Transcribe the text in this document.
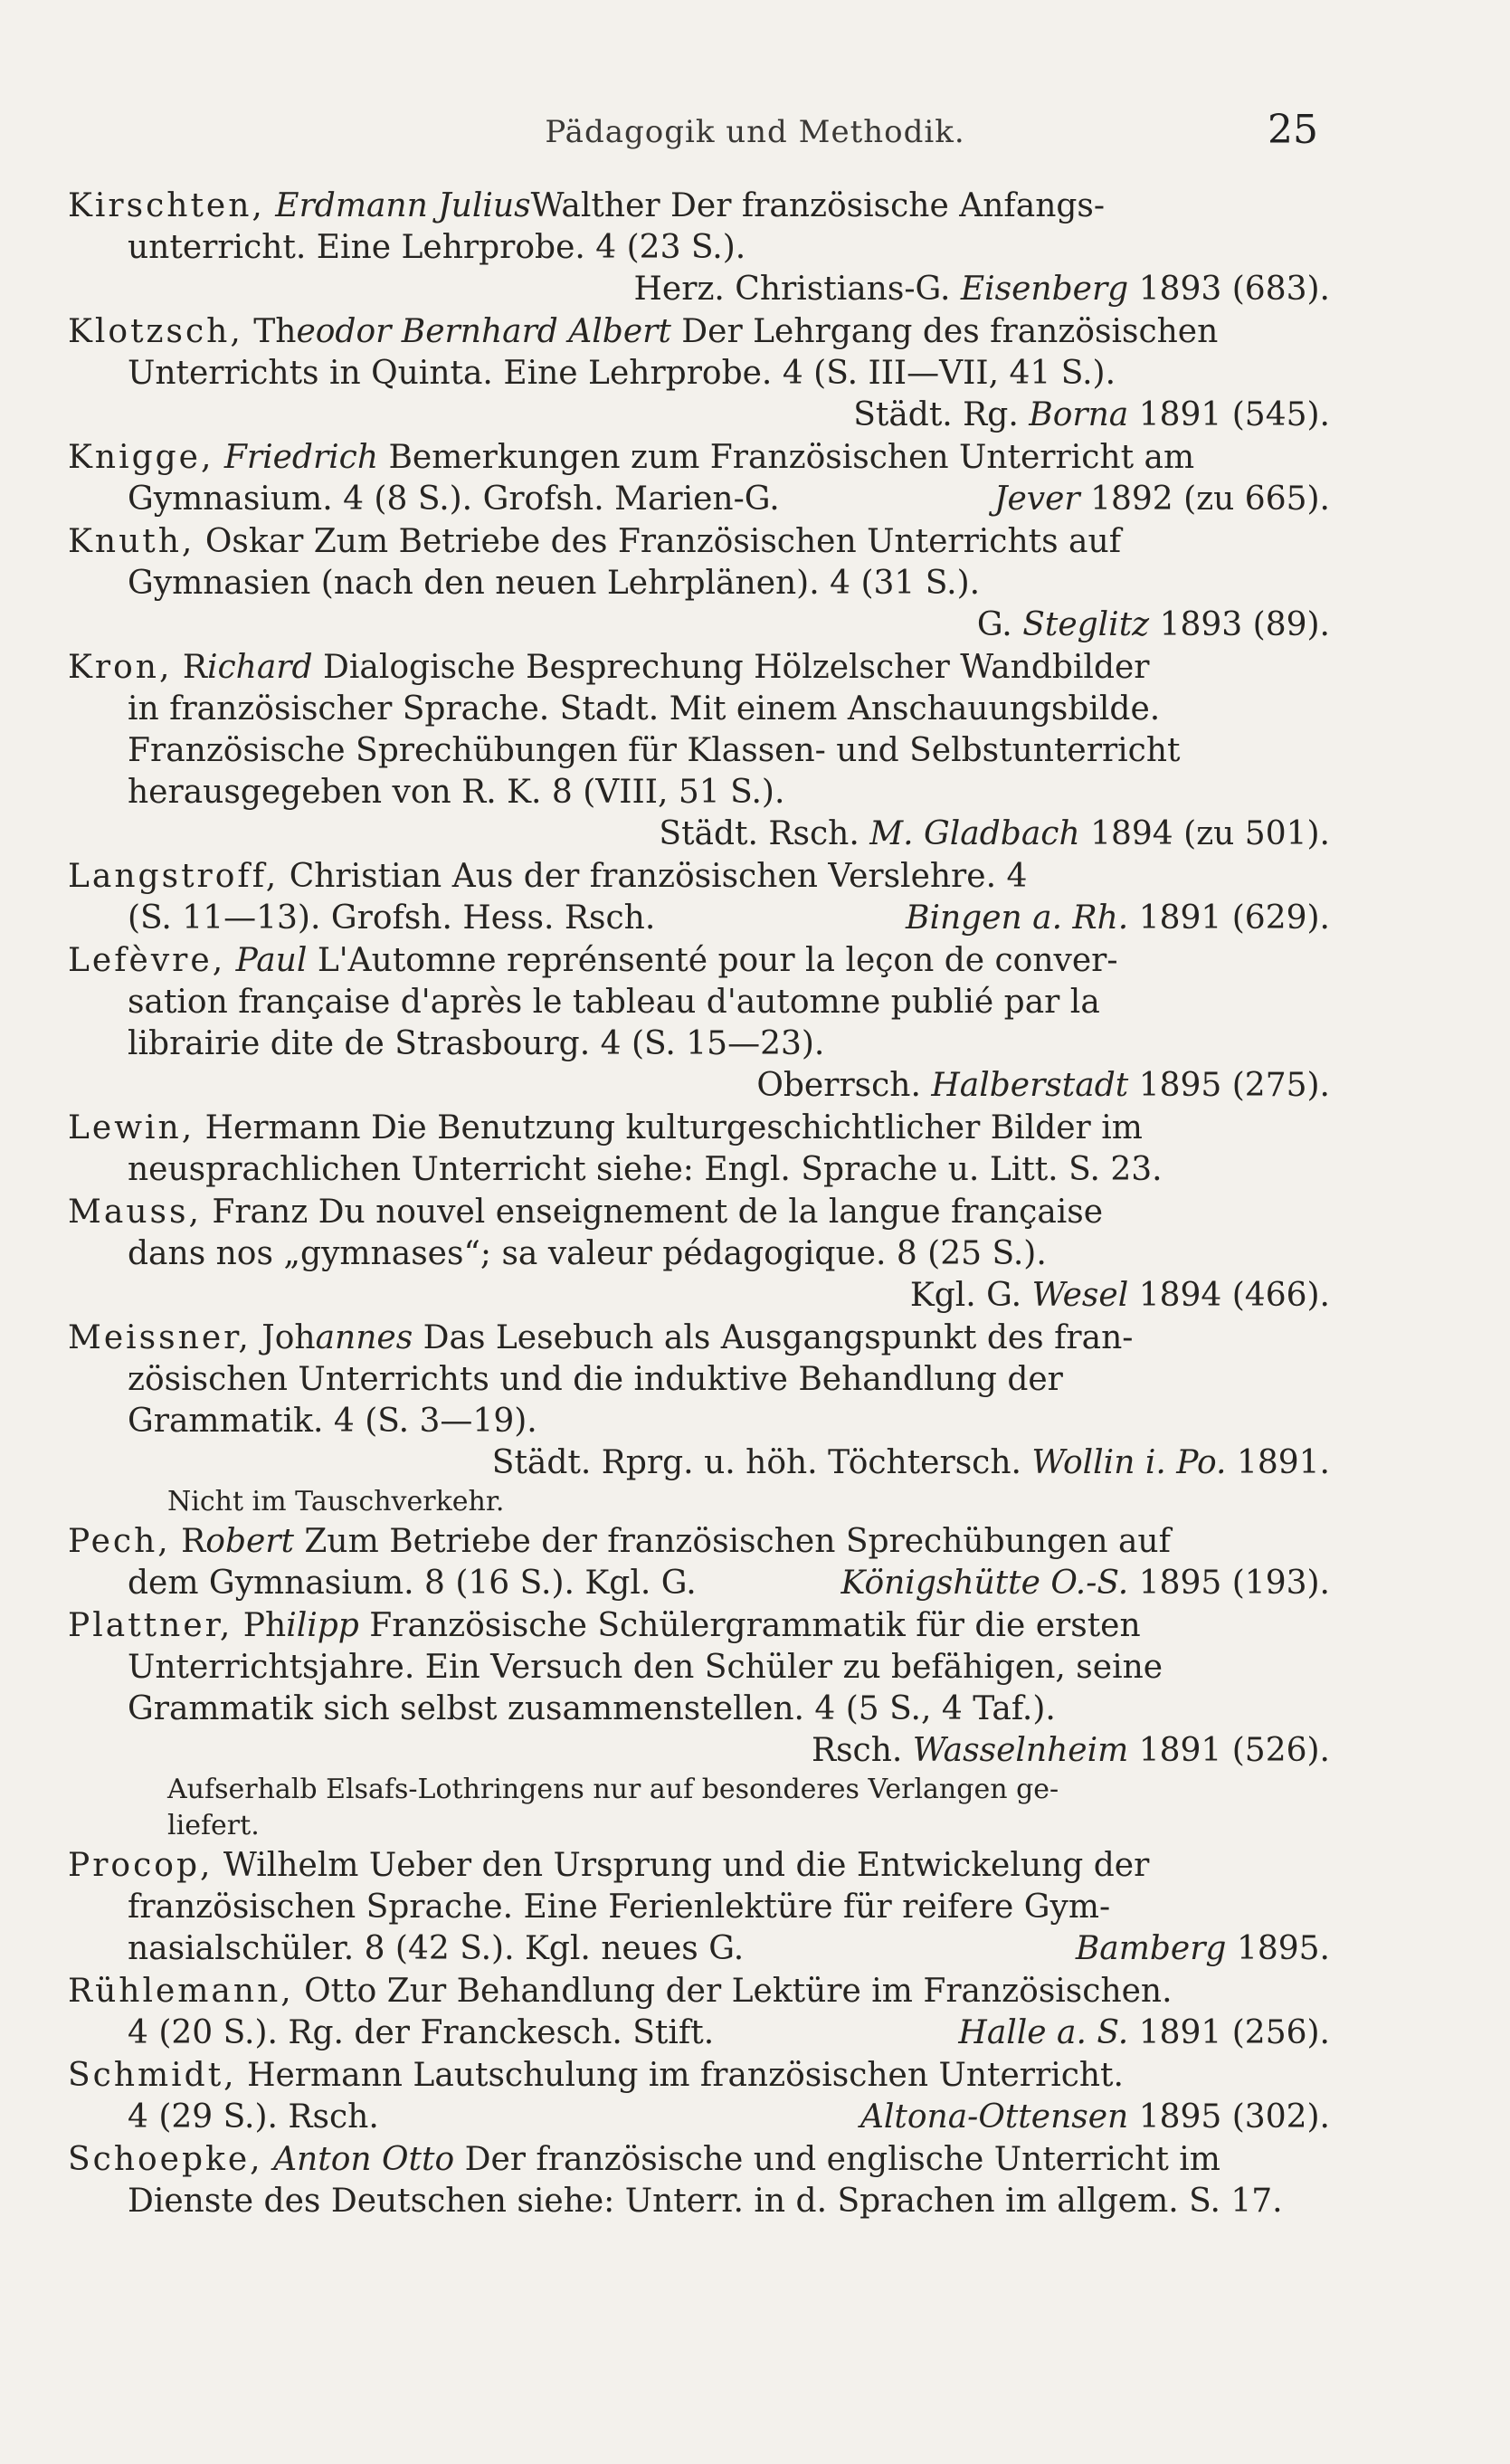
Pädagogik und Methodik.	25
Kirschten, Erdmann JuliusWalther Der französische Anfangs-
unterricht. Eine Lehrprobe. 4 (23 S.).
Herz. Christians-G. Eisenberg 1893 (683).
Klotzsch, Theodor Bernhard Albert Der Lehrgang des französischen
Unterrichts in Quinta. Eine Lehrprobe. 4 (S. III—VII, 41 S.).
Städt. Rg. Borna 1891 (545).
Knigge, Friedrich Bemerkungen zum Französischen Unterricht am
Gymnasium. 4 (8 S.). Grofsh. Marien-G.	Jever 1892 (zu 665).
Knuth, Oskar Zum Betriebe des Französischen Unterrichts auf
Gymnasien (nach den neuen Lehrplänen). 4 (31 S.).
G. Steglitz 1893 (89).
Kron, Richard Dialogische Besprechung Hölzelscher Wandbilder
in französischer Sprache. Stadt. Mit einem Anschauungsbilde.
Französische Sprechübungen für Klassen- und Selbstunterricht
herausgegeben von R. K. 8 (VIII, 51 S.).
Städt. Rsch. M. Gladbach 1894 (zu 501).
Langstroff, Christian Aus der französischen Verslehre. 4
(S. 11—13). Grofsh. Hess. Rsch.	Bingen a. Rh. 1891 (629).
Lefèvre, Paul L'Automne reprénsenté pour la leçon de conver-
sation française d'après le tableau d'automne publié par la
librairie dite de Strasbourg. 4 (S. 15—23).
Oberrsch. Halberstadt 1895 (275).
Lewin, Hermann Die Benutzung kulturgeschichtlicher Bilder im
neusprachlichen Unterricht siehe: Engl. Sprache u. Litt. S. 23.
Mauss, Franz Du nouvel enseignement de la langue française
dans nos „gymnases“; sa valeur pédagogique. 8 (25 S.).
Kgl. G. Wesel 1894 (466).
Meissner, Johannes Das Lesebuch als Ausgangspunkt des fran-
zösischen Unterrichts und die induktive Behandlung der
Grammatik. 4 (S. 3—19).
Städt. Rprg. u. höh. Töchtersch. Wollin i. Po. 1891.
Nicht im Tauschverkehr.
Pech, Robert Zum Betriebe der französischen Sprechübungen auf
dem Gymnasium. 8 (16 S.). Kgl. G.	Königshütte O.-S. 1895 (193).
Plattner, Philipp Französische Schülergrammatik für die ersten
Unterrichtsjahre. Ein Versuch den Schüler zu befähigen, seine
Grammatik sich selbst zusammenstellen. 4 (5 S., 4 Taf.).
Rsch. Wasselnheim 1891 (526).
Aufserhalb Elsafs-Lothringens nur auf besonderes Verlangen ge-
liefert.
Procop, Wilhelm Ueber den Ursprung und die Entwickelung der
französischen Sprache. Eine Ferienlektüre für reifere Gym-
nasialschüler. 8 (42 S.). Kgl. neues G.	Bamberg 1895.
Rühlemann, Otto Zur Behandlung der Lektüre im Französischen.
4 (20 S.). Rg. der Franckesch. Stift.	Halle a. S. 1891 (256).
Schmidt, Hermann Lautschulung im französischen Unterricht.
4 (29 S.). Rsch.	Altona-Ottensen 1895 (302).
Schoepke, Anton Otto Der französische und englische Unterricht im
Dienste des Deutschen siehe: Unterr. in d. Sprachen im allgem. S. 17.
